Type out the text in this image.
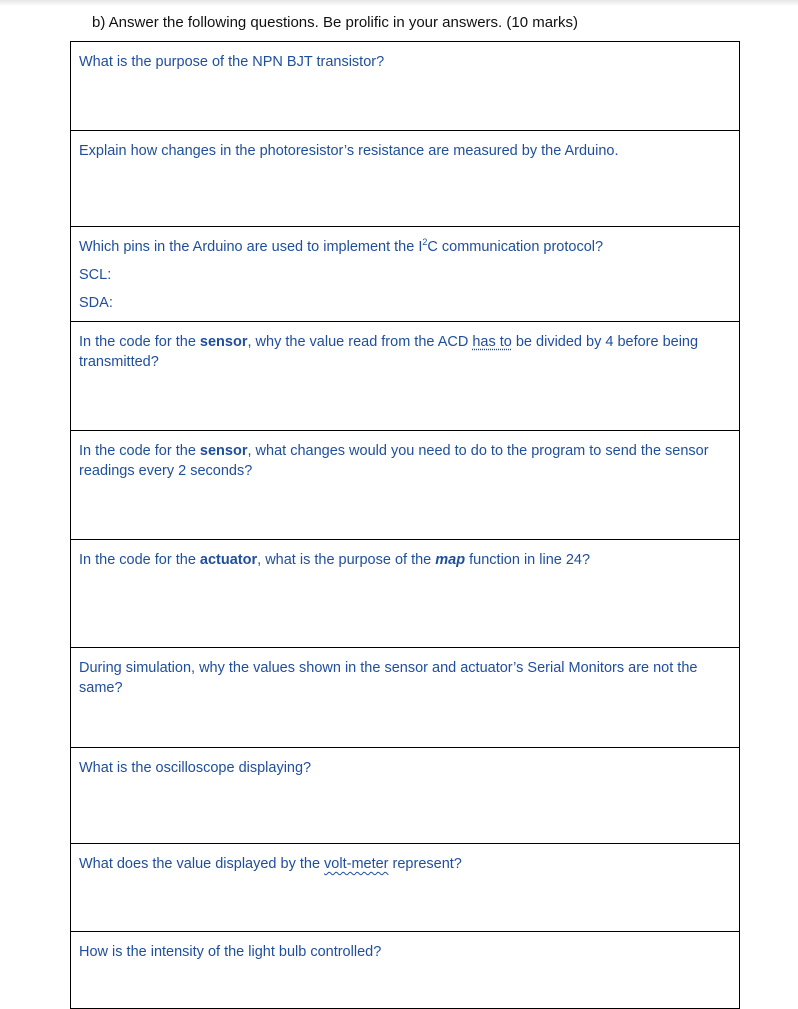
b) Answer the following questions. Be prolific in your answers. (10 marks)
What is the purpose of the NPN BJT transistor?

Explain how changes in the photoresistor’s resistance are measured by the Arduino.

Which pins in the Arduino are used to implement the $I^2C$ communication protocol?
SCL:
SDA:

In the code for the sensor, why the value read from the ACD has to be divided by 4 before being transmitted?

In the code for the sensor, what changes would you need to do to the program to send the sensor readings every 2 seconds?

In the code for the actuator, what is the purpose of the map function in line 24?

During simulation, why the values shown in the sensor and actuator’s Serial Monitors are not the same?

What is the oscilloscope displaying?

What does the value displayed by the volt-meter represent?

How is the intensity of the light bulb controlled?
